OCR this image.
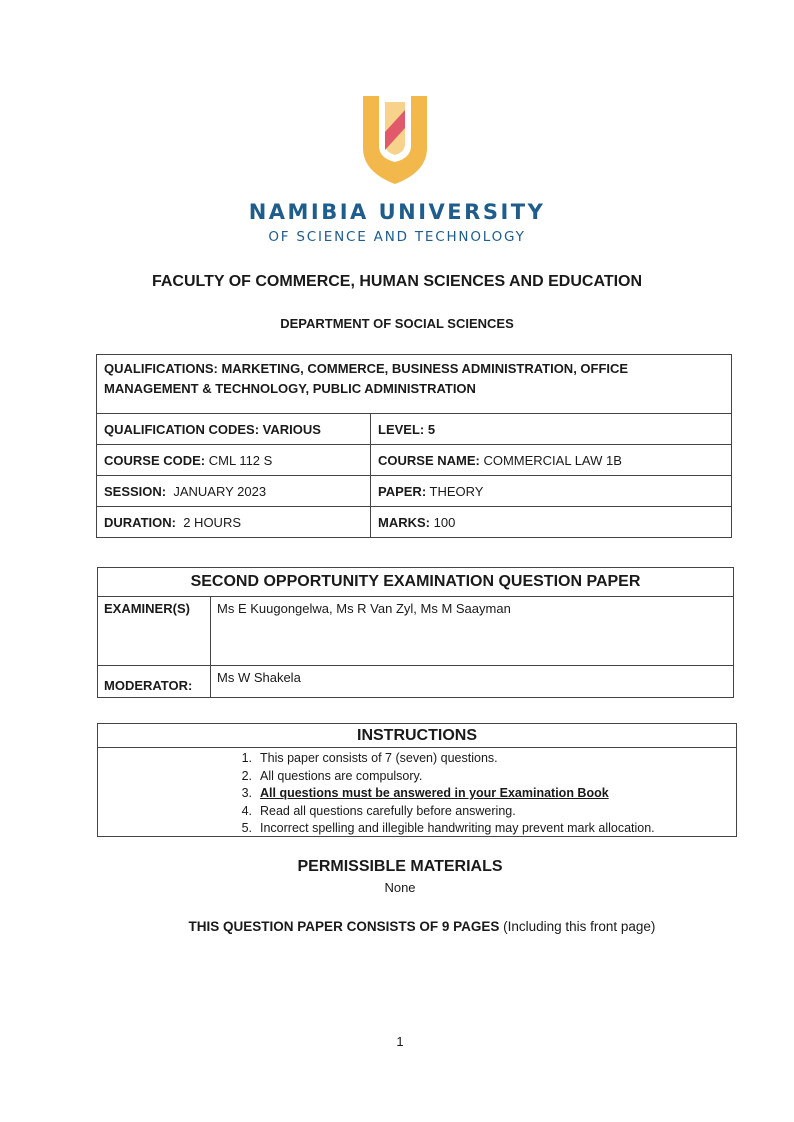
NAMIBIA UNIVERSITY
OF SCIENCE AND TECHNOLOGY
FACULTY OF COMMERCE, HUMAN SCIENCES AND EDUCATION
DEPARTMENT OF SOCIAL SCIENCES
QUALIFICATIONS: MARKETING, COMMERCE, BUSINESS ADMINISTRATION, OFFICE MANAGEMENT & TECHNOLOGY, PUBLIC ADMINISTRATION	
QUALIFICATION CODES: VARIOUS	LEVEL: 5
COURSE CODE: CML 112 S	COURSE NAME: COMMERCIAL LAW 1B
SESSION:  JANUARY 2023	PAPER: THEORY
DURATION:  2 HOURS	MARKS: 100
SECOND OPPORTUNITY EXAMINATION QUESTION PAPER	
EXAMINER(S)	Ms E Kuugongelwa, Ms R Van Zyl, Ms M Saayman
MODERATOR:	Ms W Shakela
INSTRUCTIONS
1. This paper consists of 7 (seven) questions.
2. All questions are compulsory.
3. All questions must be answered in your Examination Book
4. Read all questions carefully before answering.
5. Incorrect spelling and illegible handwriting may prevent mark allocation.
PERMISSIBLE MATERIALS
None
THIS QUESTION PAPER CONSISTS OF 9 PAGES (Including this front page)
1
